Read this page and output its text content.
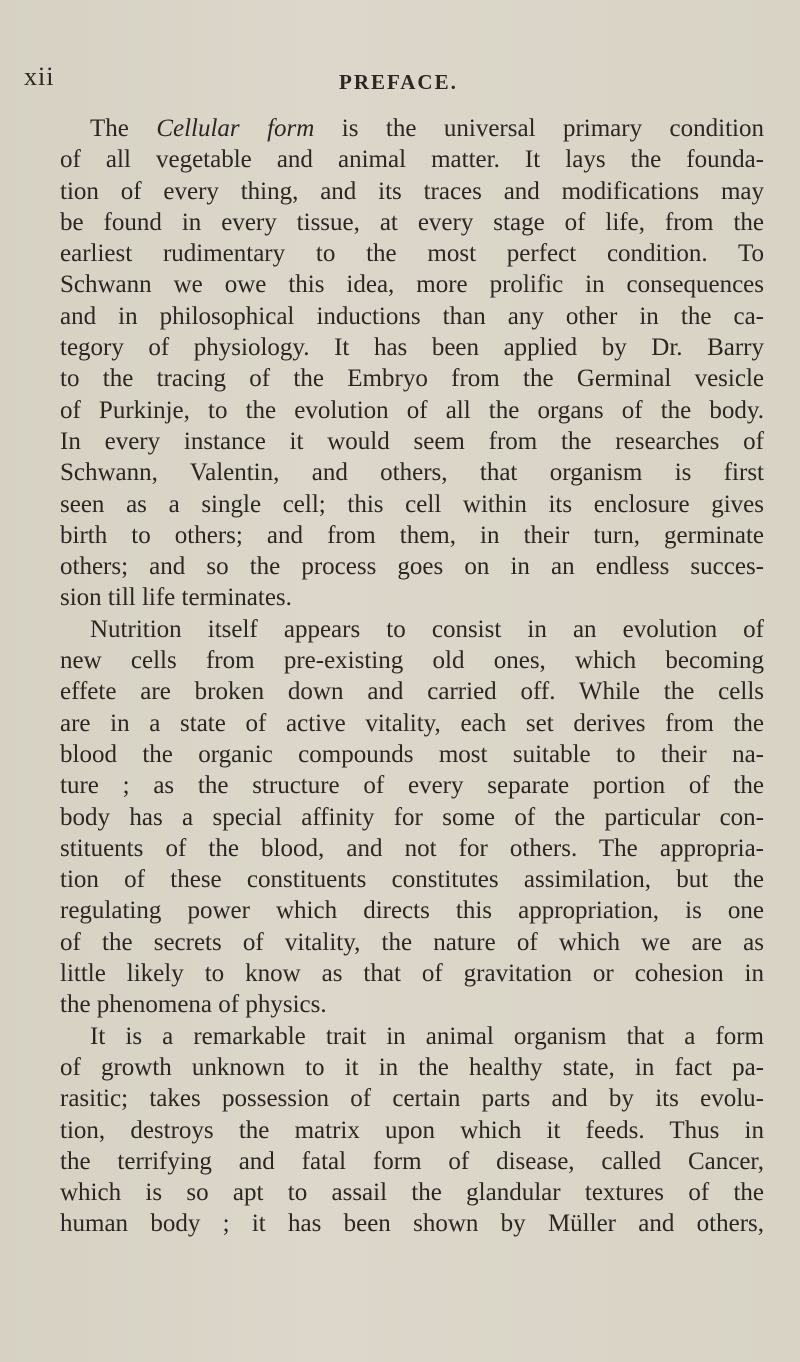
xii	PREFACE.
The Cellular form is the universal primary condition
of all vegetable and animal matter. It lays the founda-
tion of every thing, and its traces and modifications may
be found in every tissue, at every stage of life, from the
earliest rudimentary to the most perfect condition. To
Schwann we owe this idea, more prolific in consequences
and in philosophical inductions than any other in the ca-
tegory of physiology. It has been applied by Dr. Barry
to the tracing of the Embryo from the Germinal vesicle
of Purkinje, to the evolution of all the organs of the body.
In every instance it would seem from the researches of
Schwann, Valentin, and others, that organism is first
seen as a single cell; this cell within its enclosure gives
birth to others; and from them, in their turn, germinate
others; and so the process goes on in an endless succes-
sion till life terminates.
Nutrition itself appears to consist in an evolution of
new cells from pre-existing old ones, which becoming
effete are broken down and carried off. While the cells
are in a state of active vitality, each set derives from the
blood the organic compounds most suitable to their na-
ture ; as the structure of every separate portion of the
body has a special affinity for some of the particular con-
stituents of the blood, and not for others. The appropria-
tion of these constituents constitutes assimilation, but the
regulating power which directs this appropriation, is one
of the secrets of vitality, the nature of which we are as
little likely to know as that of gravitation or cohesion in
the phenomena of physics.
It is a remarkable trait in animal organism that a form
of growth unknown to it in the healthy state, in fact pa-
rasitic; takes possession of certain parts and by its evolu-
tion, destroys the matrix upon which it feeds. Thus in
the terrifying and fatal form of disease, called Cancer,
which is so apt to assail the glandular textures of the
human body ; it has been shown by Müller and others,
